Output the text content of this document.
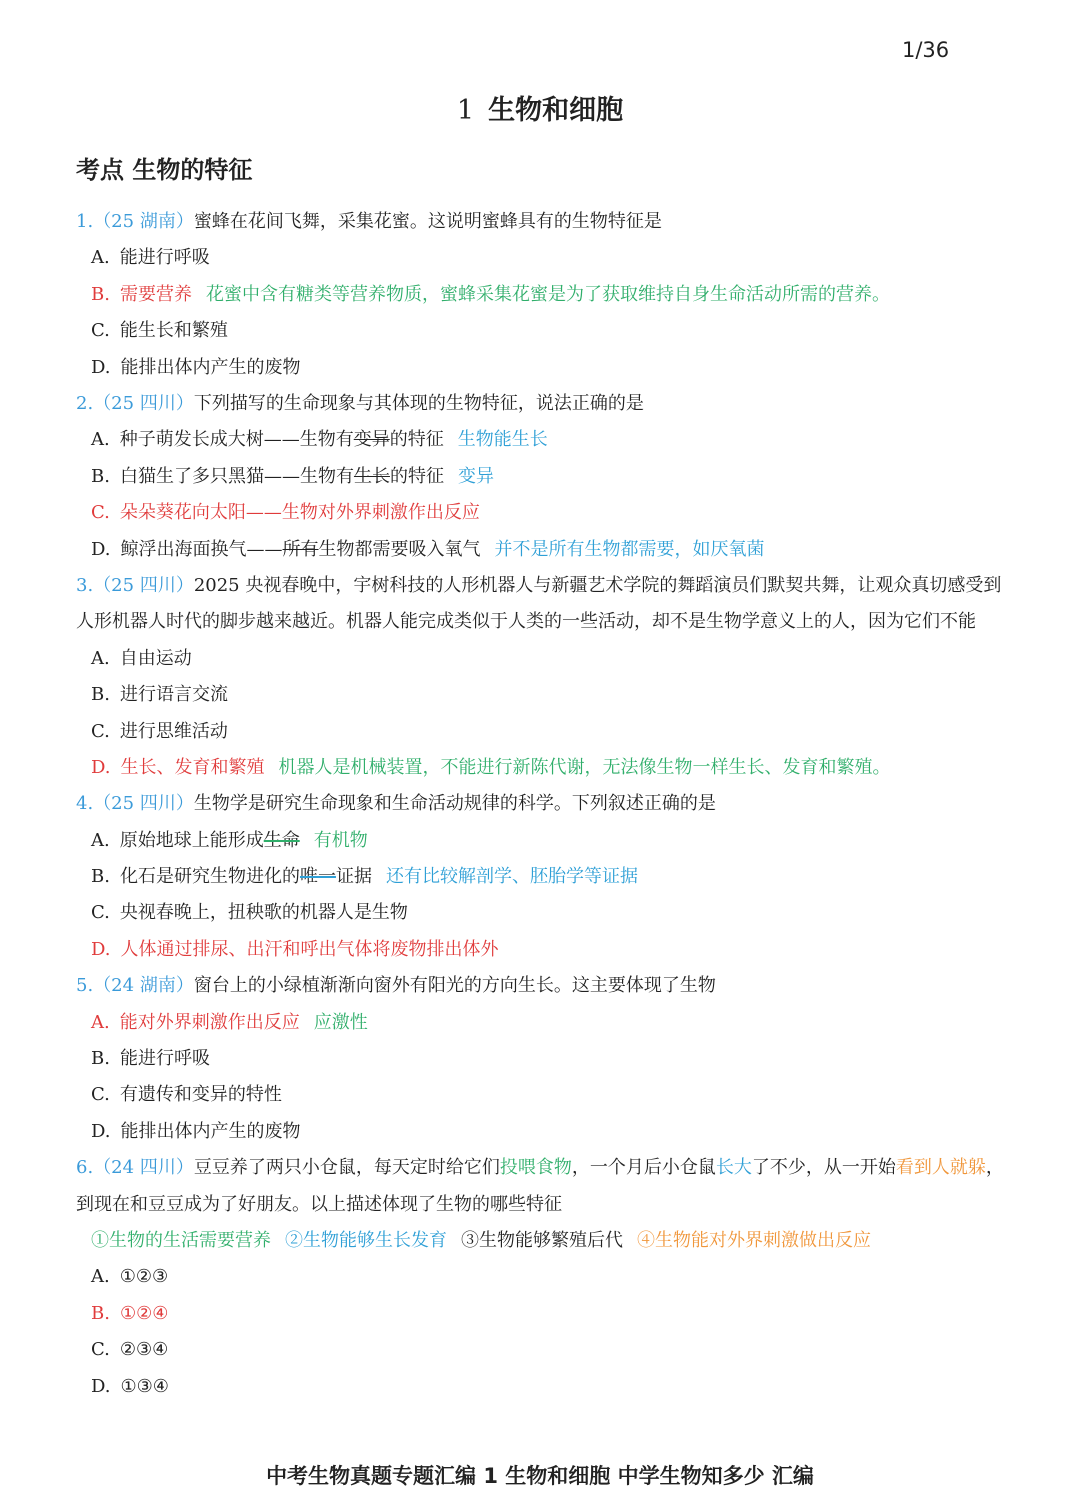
1/36
1 生物和细胞
考点 生物的特征
1.（25 湖南）蜜蜂在花间飞舞，采集花蜜。这说明蜜蜂具有的生物特征是
A. 能进行呼吸
B. 需要营养 花蜜中含有糖类等营养物质，蜜蜂采集花蜜是为了获取维持自身生命活动所需的营养。
C. 能生长和繁殖
D. 能排出体内产生的废物
2.（25 四川）下列描写的生命现象与其体现的生物特征，说法正确的是
A. 种子萌发长成大树——生物有变异的特征 生物能生长
B. 白猫生了多只黑猫——生物有生长的特征 变异
C. 朵朵葵花向太阳——生物对外界刺激作出反应
D. 鲸浮出海面换气——所有生物都需要吸入氧气 并不是所有生物都需要，如厌氧菌
3.（25 四川）2025 央视春晚中，宇树科技的人形机器人与新疆艺术学院的舞蹈演员们默契共舞，让观众真切感受到人形机器人时代的脚步越来越近。机器人能完成类似于人类的一些活动，却不是生物学意义上的人，因为它们不能
A. 自由运动
B. 进行语言交流
C. 进行思维活动
D. 生长、发育和繁殖 机器人是机械装置，不能进行新陈代谢，无法像生物一样生长、发育和繁殖。
4.（25 四川）生物学是研究生命现象和生命活动规律的科学。下列叙述正确的是
A. 原始地球上能形成生命 有机物
B. 化石是研究生物进化的唯一证据 还有比较解剖学、胚胎学等证据
C. 央视春晚上，扭秧歌的机器人是生物
D. 人体通过排尿、出汗和呼出气体将废物排出体外
5.（24 湖南）窗台上的小绿植渐渐向窗外有阳光的方向生长。这主要体现了生物
A. 能对外界刺激作出反应 应激性
B. 能进行呼吸
C. 有遗传和变异的特性
D. 能排出体内产生的废物
6.（24 四川）豆豆养了两只小仓鼠，每天定时给它们投喂食物，一个月后小仓鼠长大了不少，从一开始看到人就躲，到现在和豆豆成为了好朋友。以上描述体现了生物的哪些特征
①生物的生活需要营养 ②生物能够生长发育 ③生物能够繁殖后代 ④生物能对外界刺激做出反应
A. ①②③
B. ①②④
C. ②③④
D. ①③④
中考生物真题专题汇编 1 生物和细胞 中学生物知多少 汇编
